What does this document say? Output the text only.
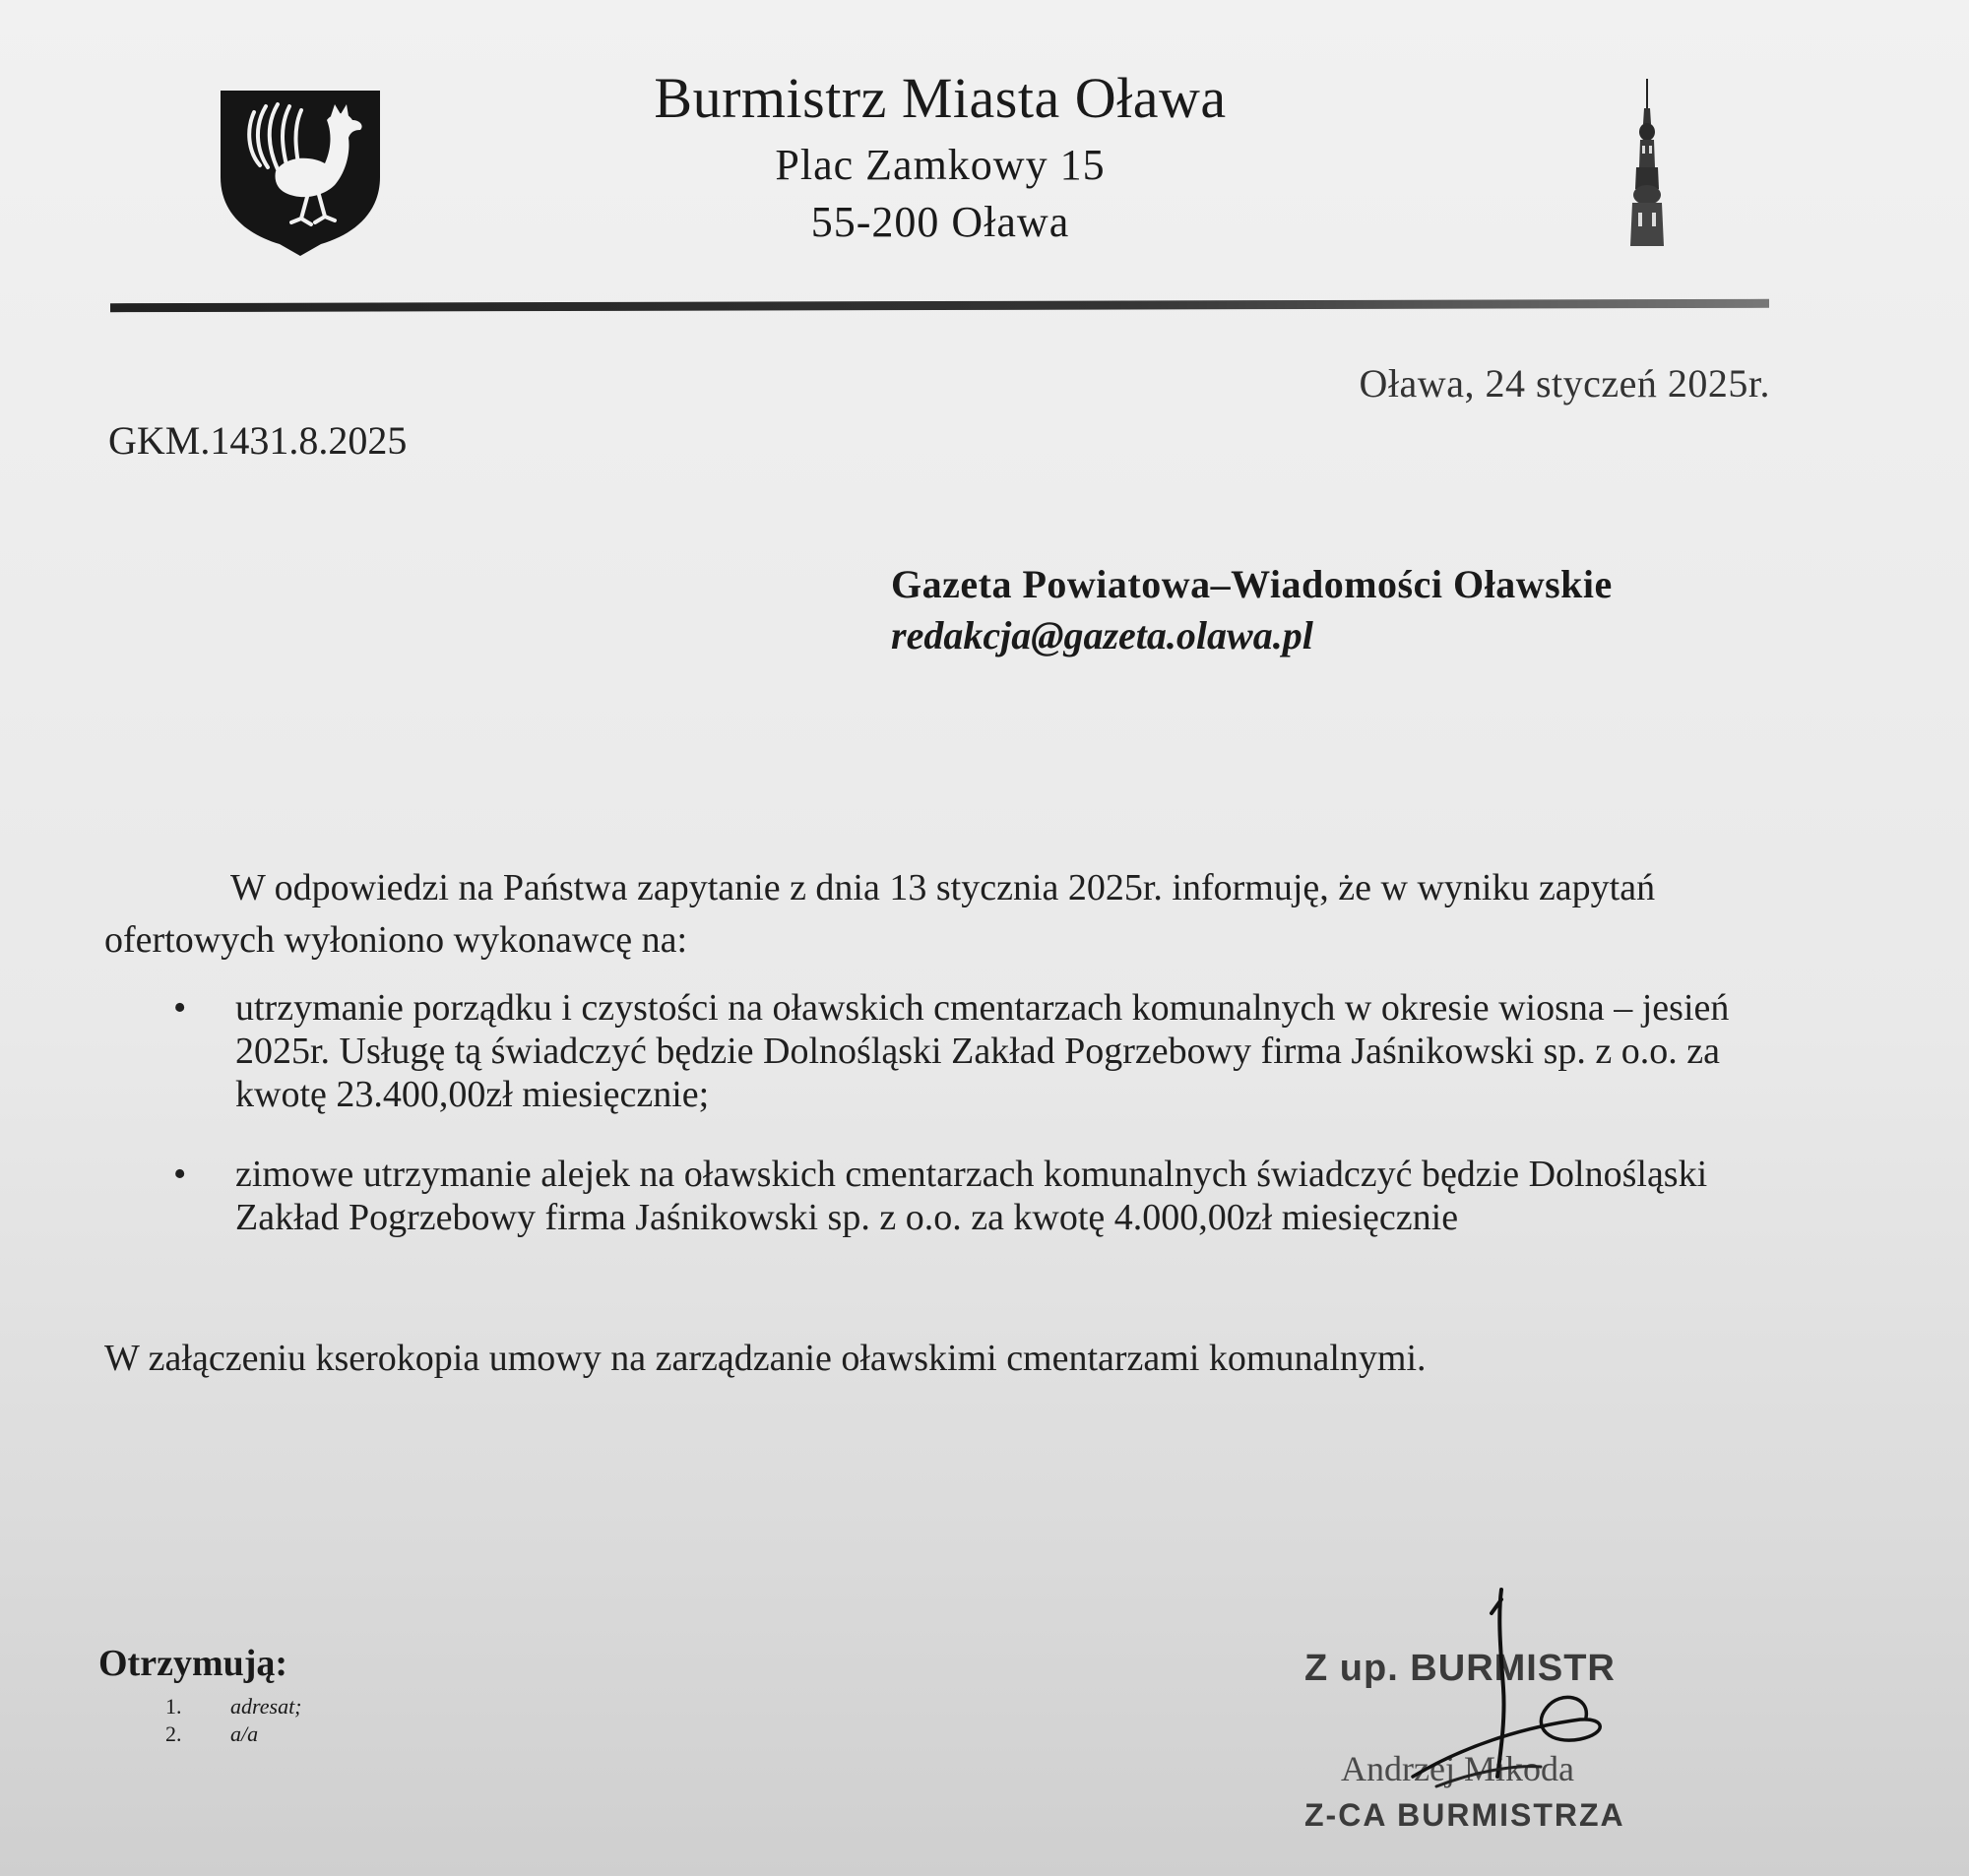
Burmistrz Miasta Oława
Plac Zamkowy 15
55-200 Oława
Oława, 24 styczeń 2025r.
GKM.1431.8.2025
Gazeta Powiatowa–Wiadomości Oławskie
redakcja@gazeta.olawa.pl
W odpowiedzi na Państwa zapytanie z dnia 13 stycznia 2025r. informuję, że w wyniku zapytań ofertowych wyłoniono wykonawcę na:
• utrzymanie porządku i czystości na oławskich cmentarzach komunalnych w okresie wiosna – jesień 2025r. Usługę tą świadczyć będzie Dolnośląski Zakład Pogrzebowy firma Jaśnikowski sp. z o.o. za kwotę 23.400,00zł miesięcznie;
• zimowe utrzymanie alejek na oławskich cmentarzach komunalnych świadczyć będzie Dolnośląski Zakład Pogrzebowy firma Jaśnikowski sp. z o.o. za kwotę 4.000,00zł miesięcznie
W załączeniu kserokopia umowy na zarządzanie oławskimi cmentarzami komunalnymi.
Otrzymują:
1. adresat;
2. a/a
Z up. BURMISTR
Andrzej Mikoda
Z-CA BURMISTRZA
